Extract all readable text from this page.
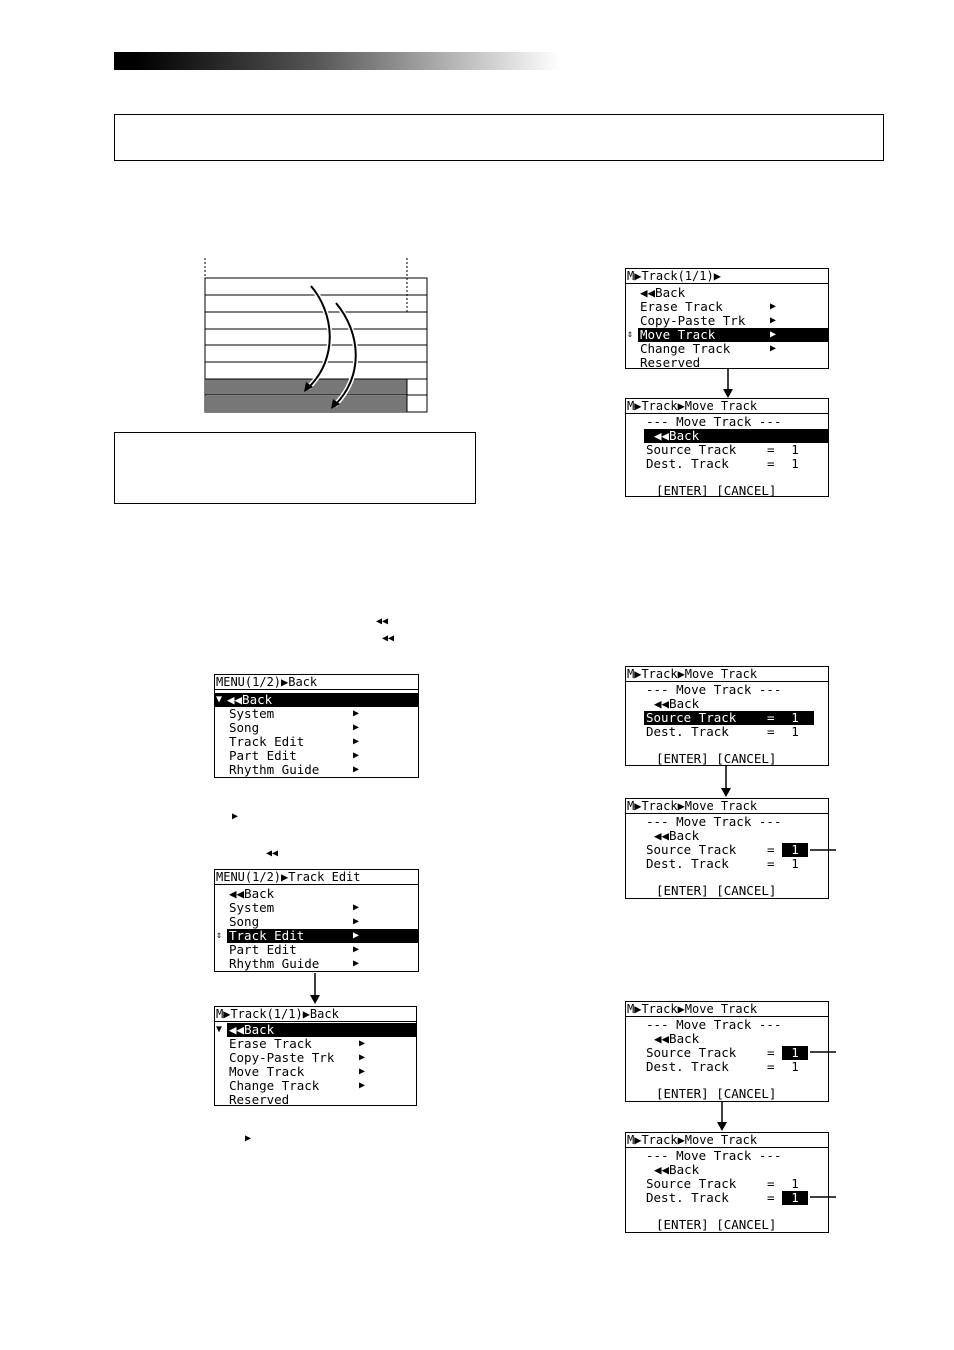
◀◀
◀◀
▶
◀◀
▶
MENU(1/2)▶Back
▼ ◀◀Back
System	▶
Song	▶
Track Edit	▶
Part Edit	▶
Rhythm Guide	▶
MENU(1/2)▶Track Edit
◀◀Back
System	▶
Song	▶
⇕ Track Edit	▶
Part Edit	▶
Rhythm Guide	▶
M▶Track(1/1)▶Back
▼ ◀◀Back
Erase Track	▶
Copy-Paste Trk ▶
Move Track	▶
Change Track	▶
Reserved
M▶Track(1/1)▶
◀◀Back
Erase Track	▶
Copy-Paste Trk ▶
⇕ Move Track	▶
Change Track	▶
Reserved
M▶Track▶Move Track
--- Move Track ---
◀◀Back
Source Track =	1
Dest. Track	=	1
[ENTER] [CANCEL]
M▶Track▶Move Track
--- Move Track ---
◀◀Back
Source Track	=	1
Dest. Track	=	1
[ENTER] [CANCEL]
M▶Track▶Move Track
--- Move Track ---
◀◀Back
Source Track =	1
Dest. Track	=	1
[ENTER] [CANCEL]
M▶Track▶Move Track
--- Move Track ---
◀◀Back
Source Track =	1
Dest. Track	=	1
[ENTER] [CANCEL]
M▶Track▶Move Track
--- Move Track ---
◀◀Back
Source Track =	1
Dest. Track	=	1
[ENTER] [CANCEL]
